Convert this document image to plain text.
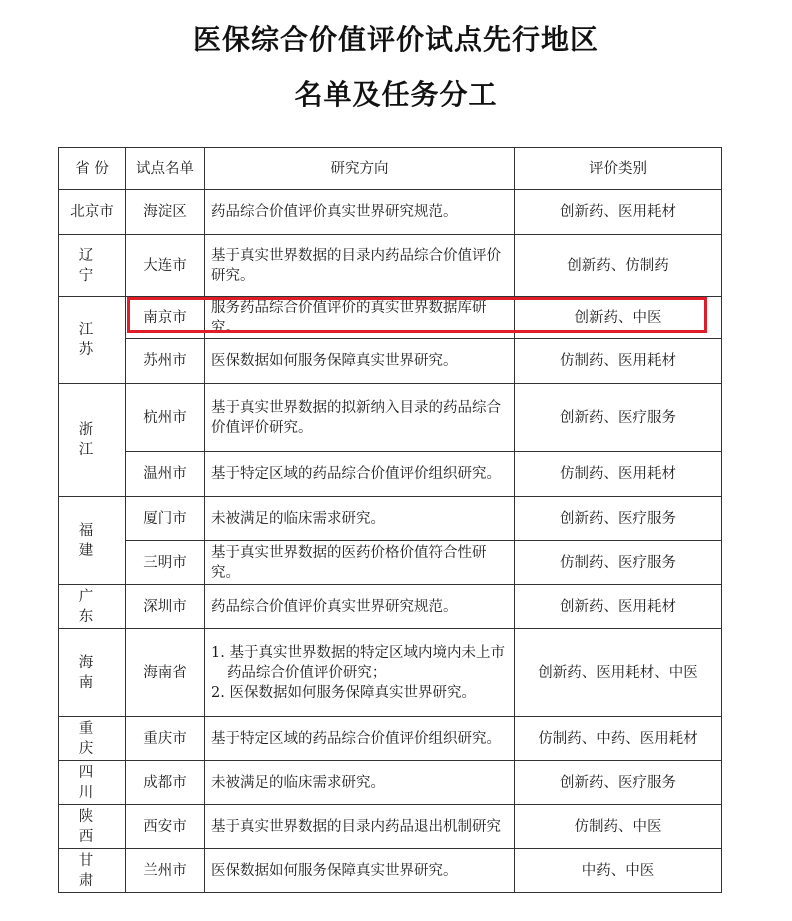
医保综合价值评价试点先行地区
名单及任务分工
省 份	试点名单	研究方向	评价类别
北京市	海淀区	药品综合价值评价真实世界研究规范。	创新药、医用耗材
辽 宁	大连市	基于真实世界数据的目录内药品综合价值评价研究。	创新药、仿制药
江 苏	南京市	服务药品综合价值评价的真实世界数据库研究。	创新药、中医
	苏州市	医保数据如何服务保障真实世界研究。	仿制药、医用耗材
浙 江	杭州市	基于真实世界数据的拟新纳入目录的药品综合价值评价研究。	创新药、医疗服务
	温州市	基于特定区域的药品综合价值评价组织研究。	仿制药、医用耗材
福 建	厦门市	未被满足的临床需求研究。	创新药、医疗服务
	三明市	基于真实世界数据的医药价格价值符合性研究。	仿制药、医疗服务
广 东	深圳市	药品综合价值评价真实世界研究规范。	创新药、医用耗材
海 南	海南省	1. 基于真实世界数据的特定区域内境内未上市药品综合价值评价研究；
2. 医保数据如何服务保障真实世界研究。	创新药、医用耗材、中医
重 庆	重庆市	基于特定区域的药品综合价值评价组织研究。	仿制药、中药、医用耗材
四 川	成都市	未被满足的临床需求研究。	创新药、医疗服务
陕 西	西安市	基于真实世界数据的目录内药品退出机制研究	仿制药、中医
甘 肃	兰州市	医保数据如何服务保障真实世界研究。	中药、中医
